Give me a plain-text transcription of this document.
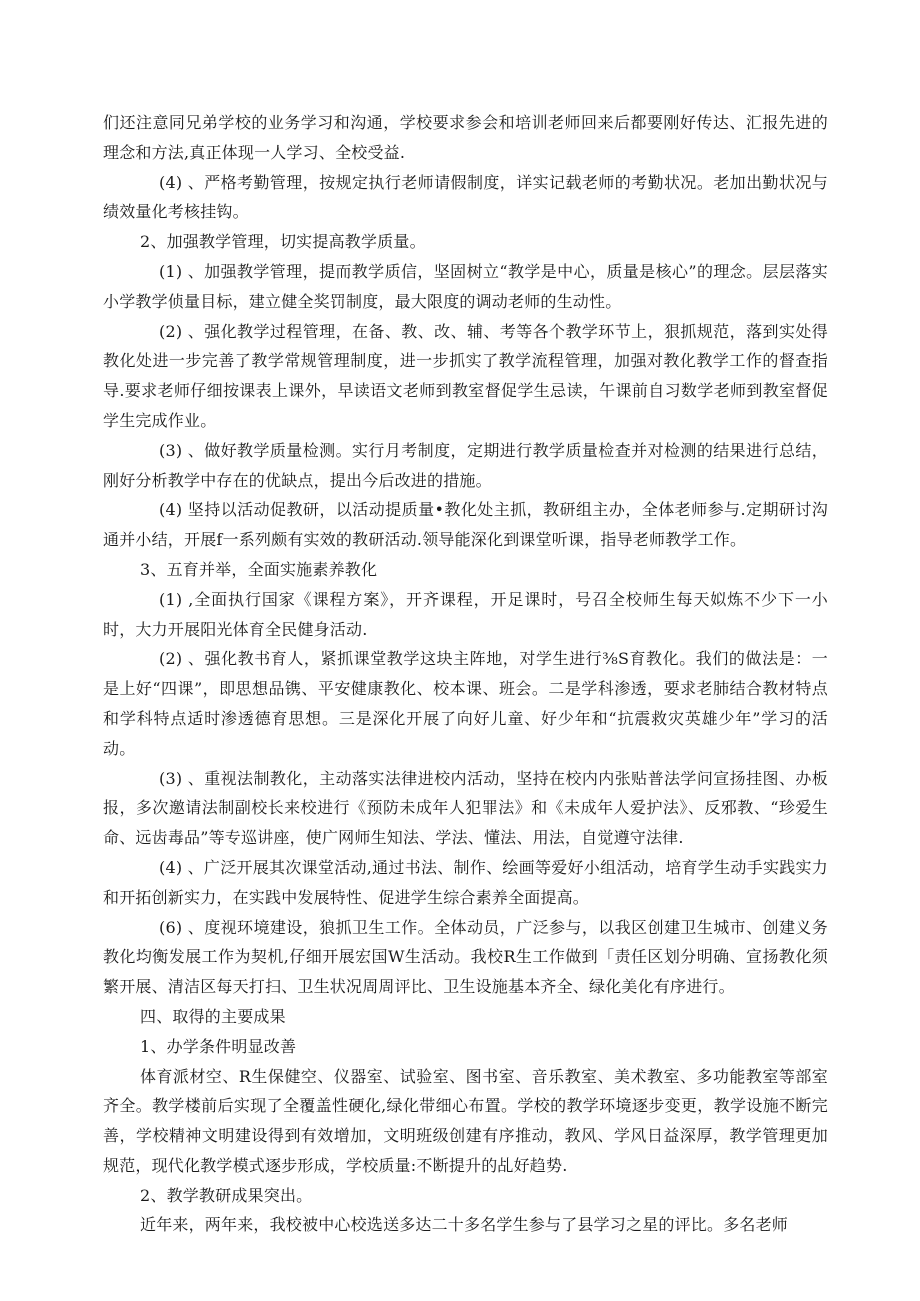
们还注意同兄弟学校的业务学习和沟通，学校要求参会和培训老师回来后都要刚好传达、汇报先进的理念和方法,真正体现一人学习、全校受益.

(4) 、严格考勤管理，按规定执行老师请假制度，详实记载老师的考勤状况。老加出勤状况与绩效量化考核挂钩。

2、加强教学管理，切实提高教学质量。

(1) 、加强教学管理，提而教学质信，坚固树立“教学是中心，质量是核心”的理念。层层落实小学教学侦量目标，建立健全奖罚制度，最大限度的调动老师的生动性。

(2) 、强化教学过程管理，在备、教、改、辅、考等各个教学环节上，狠抓规范，落到实处得教化处进一步完善了教学常规管理制度，进一步抓实了教学流程管理，加强对教化教学工作的督查指导.要求老师仔细按课表上课外，早读语文老师到教室督促学生忌读，午课前自习数学老师到教室督促学生完成作业。

(3) 、做好教学质量检测。实行月考制度，定期进行教学质量检查并对检测的结果进行总结，刚好分析教学中存在的优缺点，提出今后改进的措施。

(4) 坚持以活动促教研，以活动提质量•教化处主抓，教研组主办，全体老师参与.定期研讨沟通并小结，开展f一系列颇有实效的教研活动.领导能深化到课堂听课，指导老师教学工作。

3、五育并举，全面实施素养教化

(1) ,全面执行国家《课程方案》，开齐课程，开足课时，号召全校师生每天姒炼不少下一小时，大力开展阳光体育全民健身活动.

(2) 、强化教书育人，紧抓课堂教学这块主阵地，对学生进行⅜S育教化。我们的做法是：一是上好“四课”，即思想品镌、平安健康教化、校本课、班会。二是学科渗透，要求老肺结合教材特点和学科特点适时渗透德育思想。三是深化开展了向好儿童、好少年和“抗震救灾英雄少年”学习的活动。

(3) 、重视法制教化，主动落实法律进校内活动，坚持在校内内张贴普法学问宣扬挂图、办板报，多次邀请法制副校长来校进行《预防未成年人犯罪法》和《未成年人爱护法》、反邪教、“珍爱生命、远齿毒品”等专巡讲座，使广网师生知法、学法、懂法、用法，自觉遵守法律.

(4) 、广泛开展其次课堂活动,通过书法、制作、绘画等爱好小组活动，培育学生动手实践实力和开拓创新实力，在实践中发展特性、促进学生综合素养全面提高。

(6) 、度视环境建设，狼抓卫生工作。全体动员，广泛参与，以我区创建卫生城市、创建义务教化均衡发展工作为契机,仔细开展宏国W生活动。我校R生工作做到「责任区划分明确、宣扬教化须繁开展、清洁区每天打扫、卫生状况周周评比、卫生设施基本齐全、绿化美化有序进行。

四、取得的主要成果

1、办学条件明显改善

体育派材空、R生保健空、仪器室、试验室、图书室、音乐教室、美术教室、多功能教室等部室齐全。教学楼前后实现了全覆盖性硬化,绿化带细心布置。学校的教学环境逐步变更，教学设施不断完善，学校精神文明建设得到有效增加，文明班级创建有序推动，教风、学风日益深厚，教学管理更加规范，现代化教学模式逐步形成，学校质量:不断提升的乩好趋势.

2、教学教研成果突出。

近年来，两年来，我校被中心校选送多达二十多名学生参与了县学习之星的评比。多名老师
